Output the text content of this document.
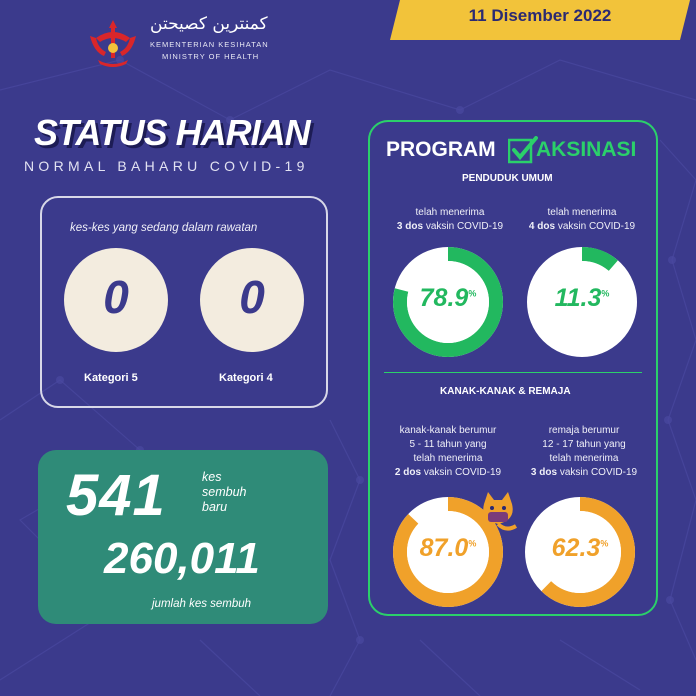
11 Disember 2022
کمنترين کصيحتن
KEMENTERIAN KESIHATAN
MINISTRY OF HEALTH
STATUS HARIAN
NORMAL BAHARU COVID-19
kes-kes yang sedang dalam rawatan
0	0
Kategori 5	Kategori 4
541	kes
sembuh
baru
260,011
jumlah kes sembuh
PROGRAM AKSINASI
PENDUDUK UMUM
telah menerima
3 dos vaksin COVID-19
78.9%
telah menerima
4 dos vaksin COVID-19
11.3%
KANAK-KANAK & REMAJA
kanak-kanak berumur
5 - 11 tahun yang
telah menerima
2 dos vaksin COVID-19
87.0%
remaja berumur
12 - 17 tahun yang
telah menerima
3 dos vaksin COVID-19
62.3%
